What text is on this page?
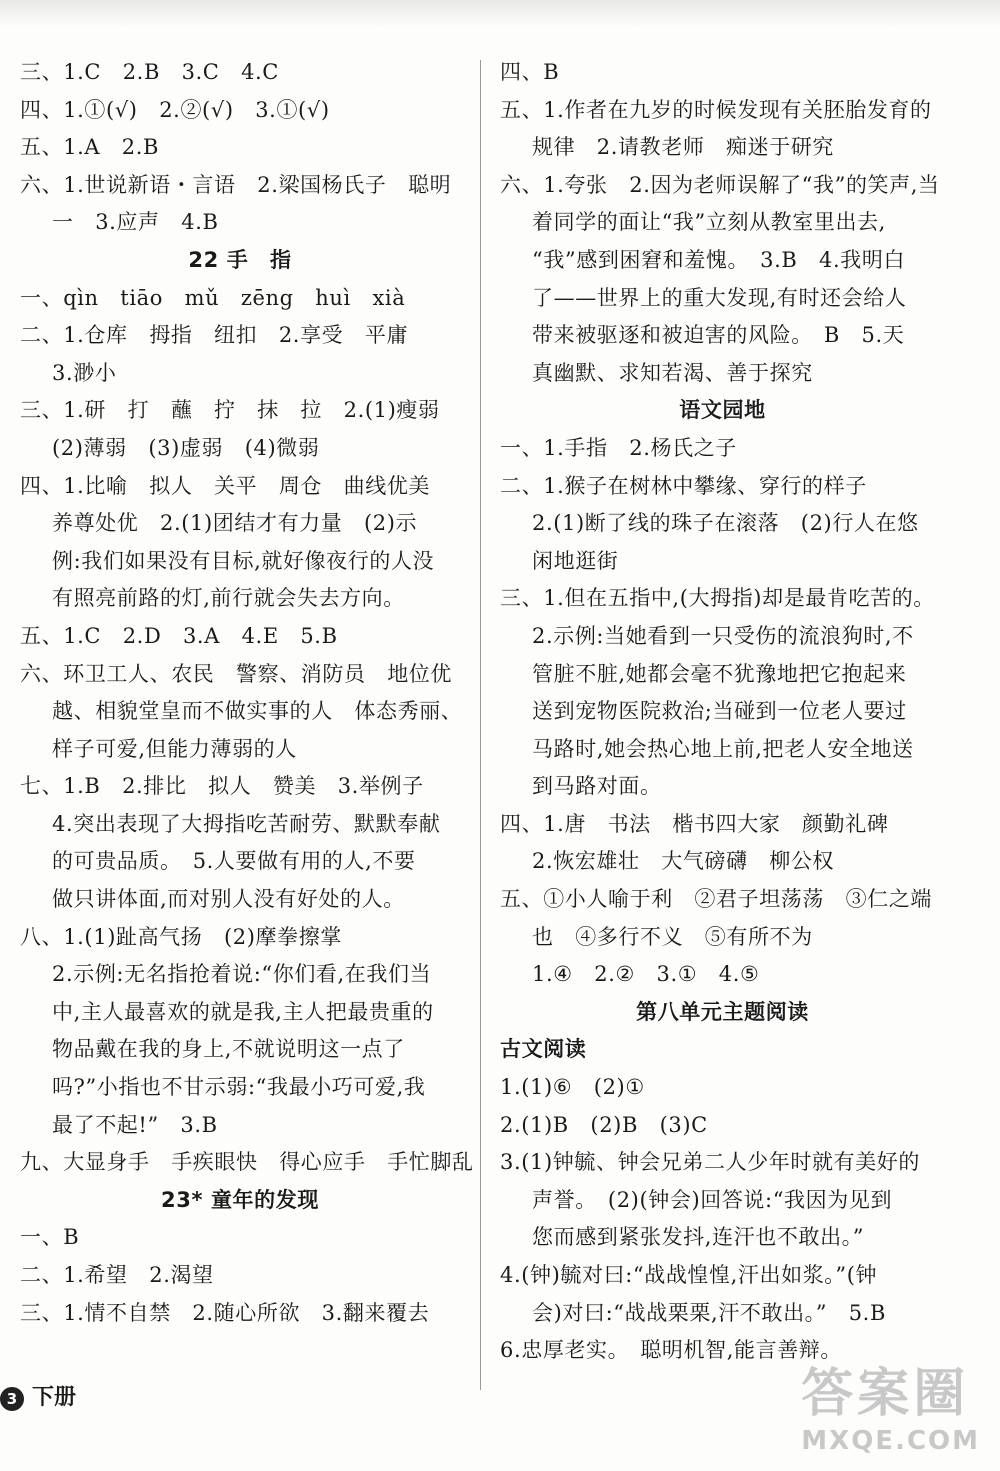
三、1.C　2.B　3.C　4.C
四、1.①(√)　2.②(√)　3.①(√)
五、1.A　2.B
六、1.世说新语・言语　2.梁国杨氏子　聪明
一　3.应声　4.B
22 手　指
一、qìn　tiāo　mǔ　zēng　huì　xià
二、1.仓库　拇指　纽扣　2.享受　平庸
3.渺小
三、1.研　打　蘸　拧　抹　拉　2.(1)瘦弱
(2)薄弱　(3)虚弱　(4)微弱
四、1.比喻　拟人　关平　周仓　曲线优美
养尊处优　2.(1)团结才有力量　(2)示
例:我们如果没有目标,就好像夜行的人没
有照亮前路的灯,前行就会失去方向。
五、1.C　2.D　3.A　4.E　5.B
六、环卫工人、农民　警察、消防员　地位优
越、相貌堂皇而不做实事的人　体态秀丽、
样子可爱,但能力薄弱的人
七、1.B　2.排比　拟人　赞美　3.举例子
4.突出表现了大拇指吃苦耐劳、默默奉献
的可贵品质。　5.人要做有用的人,不要
做只讲体面,而对别人没有好处的人。
八、1.(1)趾高气扬　(2)摩拳擦掌
2.示例:无名指抢着说:“你们看,在我们当
中,主人最喜欢的就是我,主人把最贵重的
物品戴在我的身上,不就说明这一点了
吗?”小指也不甘示弱:“我最小巧可爱,我
最了不起!”　3.B
九、大显身手　手疾眼快　得心应手　手忙脚乱
23* 童年的发现
一、B
二、1.希望　2.渴望
三、1.情不自禁　2.随心所欲　3.翻来覆去
四、B
五、1.作者在九岁的时候发现有关胚胎发育的
规律　2.请教老师　痴迷于研究
六、1.夸张　2.因为老师误解了“我”的笑声,当
着同学的面让“我”立刻从教室里出去,
“我”感到困窘和羞愧。　3.B　4.我明白
了——世界上的重大发现,有时还会给人
带来被驱逐和被迫害的风险。　B　5.天
真幽默、求知若渴、善于探究
语文园地
一、1.手指　2.杨氏之子
二、1.猴子在树林中攀缘、穿行的样子
2.(1)断了线的珠子在滚落　(2)行人在悠
闲地逛街
三、1.但在五指中,(大拇指)却是最肯吃苦的。
2.示例:当她看到一只受伤的流浪狗时,不
管脏不脏,她都会毫不犹豫地把它抱起来
送到宠物医院救治;当碰到一位老人要过
马路时,她会热心地上前,把老人安全地送
到马路对面。
四、1.唐　书法　楷书四大家　颜勤礼碑
2.恢宏雄壮　大气磅礴　柳公权
五、①小人喻于利　②君子坦荡荡　③仁之端
也　④多行不义　⑤有所不为
1.④　2.②　3.①　4.⑤
第八单元主题阅读
古文阅读
1.(1)⑥　(2)①
2.(1)B　(2)B　(3)C
3.(1)钟毓、钟会兄弟二人少年时就有美好的
声誉。　(2)(钟会)回答说:“我因为见到
您而感到紧张发抖,连汗也不敢出。”
4.(钟)毓对曰:“战战惶惶,汗出如浆。”(钟
会)对曰:“战战栗栗,汗不敢出。”　5.B
6.忠厚老实。　聪明机智,能言善辩。
3 下册	答案圈
MXQE.COM
